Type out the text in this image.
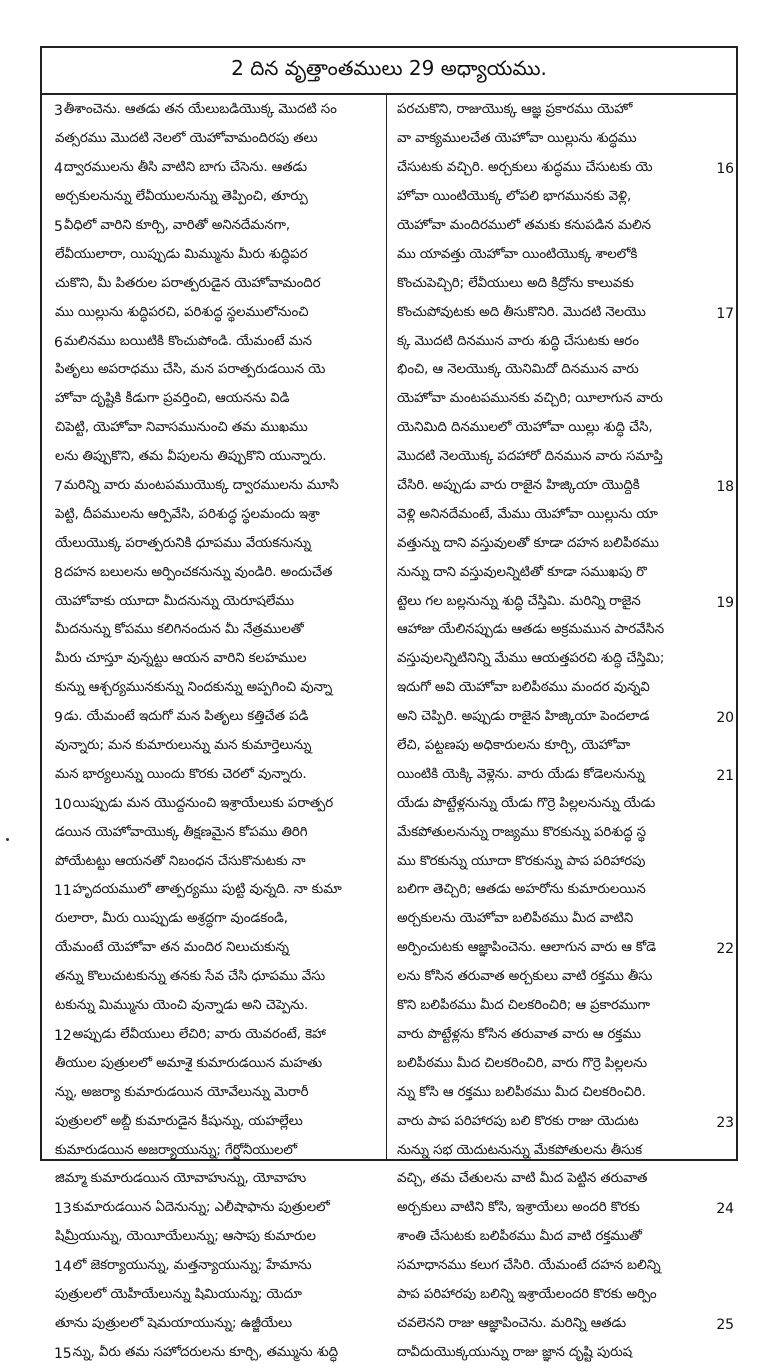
2 దిన వృత్తాంతములు 29 అధ్యాయము.
3 తీశాంచెను. ఆతడు తన యేలుబడియొక్క మొదటి సం
వత్సరము మొదటి నెలలో యెహోవామందిరపు తలు
4 ద్వారములను తీసి వాటిని బాగు చేసెను. ఆతడు
అర్చకులనున్ను లేవీయులనున్ను తెప్పించి, తూర్పు
5 వీధిలో వారిని కూర్చి, వారితో అనినదేమనగా,
లేవీయులారా, యిప్పుడు మిమ్మును మీరు శుద్ధిపర
చుకొని, మీ పితరుల పరాత్పరుడైన యెహోవామందిర
ము యిల్లును శుద్ధిపరచి, పరిశుద్ధ స్థలములోనుంచి
6 మలినము బయిటికి కొంచుపోండి. యేమంటే మన
పితృలు అపరాధము చేసి, మన పరాత్పరుడయిన యె
హోవా దృష్టికి కీడుగా ప్రవర్తించి, ఆయనను విడి
చిపెట్టి, యెహోవా నివాసమునుంచి తమ ముఖము
లను తిప్పుకొని, తమ వీపులను తిప్పుకొని యున్నారు.
7 మరిన్ని వారు మంటపముయొక్క ద్వారములను మూసి
పెట్టి, దీపములను ఆర్పివేసి, పరిశుద్ధ స్థలమందు ఇశ్రా
యేలుయొక్క పరాత్పరునికి ధూపము వేయకనున్ను
8 దహన బలులను అర్పించకనున్ను వుండిరి. అందుచేత
యెహోవాకు యూదా మీదనున్ను యెరూషలేము
మీదనున్ను కోపము కలిగినందున మీ నేత్రములతో
మీరు చూస్తూ వున్నట్టు ఆయన వారిని కలహముల
కున్ను ఆశ్చర్యమునకున్ను నిందకున్ను అప్పగించి వున్నా
9 డు. యేమంటే ఇదుగో మన పితృలు కత్తిచేత పడి
వున్నారు; మన కుమారులున్ను మన కుమార్తెలున్ను
మన భార్యలున్ను యిందు కొరకు చెరలో వున్నారు.
10 యిప్పుడు మన యొద్దనుంచి ఇశ్రాయేలుకు పరాత్పర
డయిన యెహోవాయొక్క తీక్షణమైన కోపము తిరిగి
పోయేటట్టు ఆయనతో నిబంధన చేసుకొనుటకు నా
11 హృదయములో తాత్పర్యము పుట్టి వున్నది. నా కుమా
రులారా, మీరు యిప్పుడు అశ్రద్ధగా వుండకండి,
యేమంటే యెహోవా తన మందిర నిలుచుకున్న
తన్ను కొలుచుటకున్ను తనకు సేవ చేసి ధూపము వేసు
టకున్ను మిమ్మును యెంచి వున్నాడు అని చెప్పెను.
12 అప్పుడు లేవీయులు లేచిరి; వారు యెవరంటే, కెహా
తీయుల పుత్రులలో అమాశై కుమారుడయిన మహతు
న్ను, అజర్యా కుమారుడయిన యోవేలున్ను మెరారీ
పుత్రులలో అబ్దీ కుమారుడైన కీషున్ను, యహల్లేలు
కుమారుడయిన అజర్యాయున్ను; గేర్షోనీయులలో
జిమ్మా కుమారుడయిన యోవాహున్ను, యోవాహు
13 కుమారుడయిన ఏదెనున్ను; ఎలీషాఫాను పుత్రులలో
షిమ్రీయున్ను, యెయీయేలున్ను; ఆసాపు కుమారుల
14 లో జెకర్యాయున్ను, మత్తన్యాయున్ను; హేమాను
పుత్రులలో యెహీయేలున్ను షిమియున్ను; యెదూ
తూను పుత్రులలో షెమయాయున్ను; ఉజ్జీయేలు
15 న్ను, వీరు తమ సహోదరులను కూర్చి, తమ్మును శుద్ధి
పరచుకొని, రాజుయొక్క ఆజ్ఞ ప్రకారము యెహో
వా వాక్యములచేత యెహోవా యిల్లును శుద్ధము
చేసుటకు వచ్చిరి. అర్చకులు శుద్ధము చేసుటకు యె	16
హోవా యింటియొక్క లోపలి భాగమునకు వెళ్లి,
యెహోవా మందిరములో తమకు కనుపడిన మలిన
ము యావత్తు యెహోవా యింటియొక్క శాలలోకి
కొంచుపెచ్చిరి; లేవీయులు అది కిద్రోను కాలువకు
కొంచుపోవుటకు అది తీసుకొనిరి. మొదటి నెలయొ	17
క్క మొదటి దినమున వారు శుద్ధి చేసుటకు ఆరం
భించి, ఆ నెలయొక్క యెనిమిదో దినమున వారు
యెహోవా మంటపమునకు వచ్చిరి; యీలాగున వారు
యెనిమిది దినములలో యెహోవా యిల్లు శుద్ధి చేసి,
మొదటి నెలయొక్క పదహారో దినమున వారు సమాప్తి
చేసిరి. అప్పుడు వారు రాజైన హిజ్కియా యొద్దికి	18
వెళ్లి అనినదేమంటే, మేము యెహోవా యిల్లును యా
వత్తున్ను దాని వస్తువులతో కూడా దహన బలిపీఠము
నున్ను దాని వస్తువులన్నిటితో కూడా సముఖపు రొ
ట్టెలు గల బల్లనున్ను శుద్ధి చేస్తిమి. మరిన్ని రాజైన	19
ఆహాజు యేలినప్పుడు ఆతడు అక్రమమున పారవేసిన
వస్తువులన్నిటినిన్ని మేము ఆయత్తపరచి శుద్ధి చేస్తిమి;
ఇదుగో అవి యెహోవా బలిపీఠము మందర వున్నవి
అని చెప్పిరి. అప్పుడు రాజైన హిజ్కియా పెందలాడ	20
లేచి, పట్టణపు అధికారులను కూర్చి, యెహోవా
యింటికి యెక్కి వెళ్లెను. వారు యేడు కోడెలనున్ను	21
యేడు పొట్టేళ్లనున్ను యేడు గొర్రె పిల్లలనున్ను యేడు
మేకపోతులనున్ను రాజ్యము కొరకున్ను పరిశుద్ధ స్థ
ము కొరకున్ను యూదా కొరకున్ను పాప పరిహారపు
బలిగా తెచ్చిరి; ఆతడు అహరోను కుమారులయిన
అర్చకులను యెహోవా బలిపీఠము మీద వాటిని
అర్పించుటకు ఆజ్ఞాపించెను. ఆలాగున వారు ఆ కోడె	22
లను కోసిన తరువాత అర్చకులు వాటి రక్తము తీసు
కొని బలిపీఠము మీద చిలకరించిరి; ఆ ప్రకారముగా
వారు పొట్టేళ్లను కోసిన తరువాత వారు ఆ రక్తము
బలిపీఠము మీద చిలకరించిరి, వారు గొర్రె పిల్లలను
న్ను కోసి ఆ రక్తము బలిపీఠము మీద చిలకరించిరి.
వారు పాప పరిహారపు బలి కొరకు రాజు యెదుట	23
నున్ను సభ యెదుటనున్ను మేకపోతులను తీసుక
వచ్చి, తమ చేతులను వాటి మీద పెట్టిన తరువాత
అర్చకులు వాటిని కోసి, ఇశ్రాయేలు అందరి కొరకు	24
శాంతి చేసుటకు బలిపీఠము మీద వాటి రక్తముతో
సమాధానము కలుగ చేసిరి. యేమంటే దహన బలిన్ని
పాప పరిహారపు బలిన్ని ఇశ్రాయేలందరి కొరకు అర్పిం
చవలెనని రాజు ఆజ్ఞాపించెను. మరిన్ని ఆతడు	25
దావీదుయొక్కయున్ను రాజు జ్ఞాన దృష్టి పురుష
